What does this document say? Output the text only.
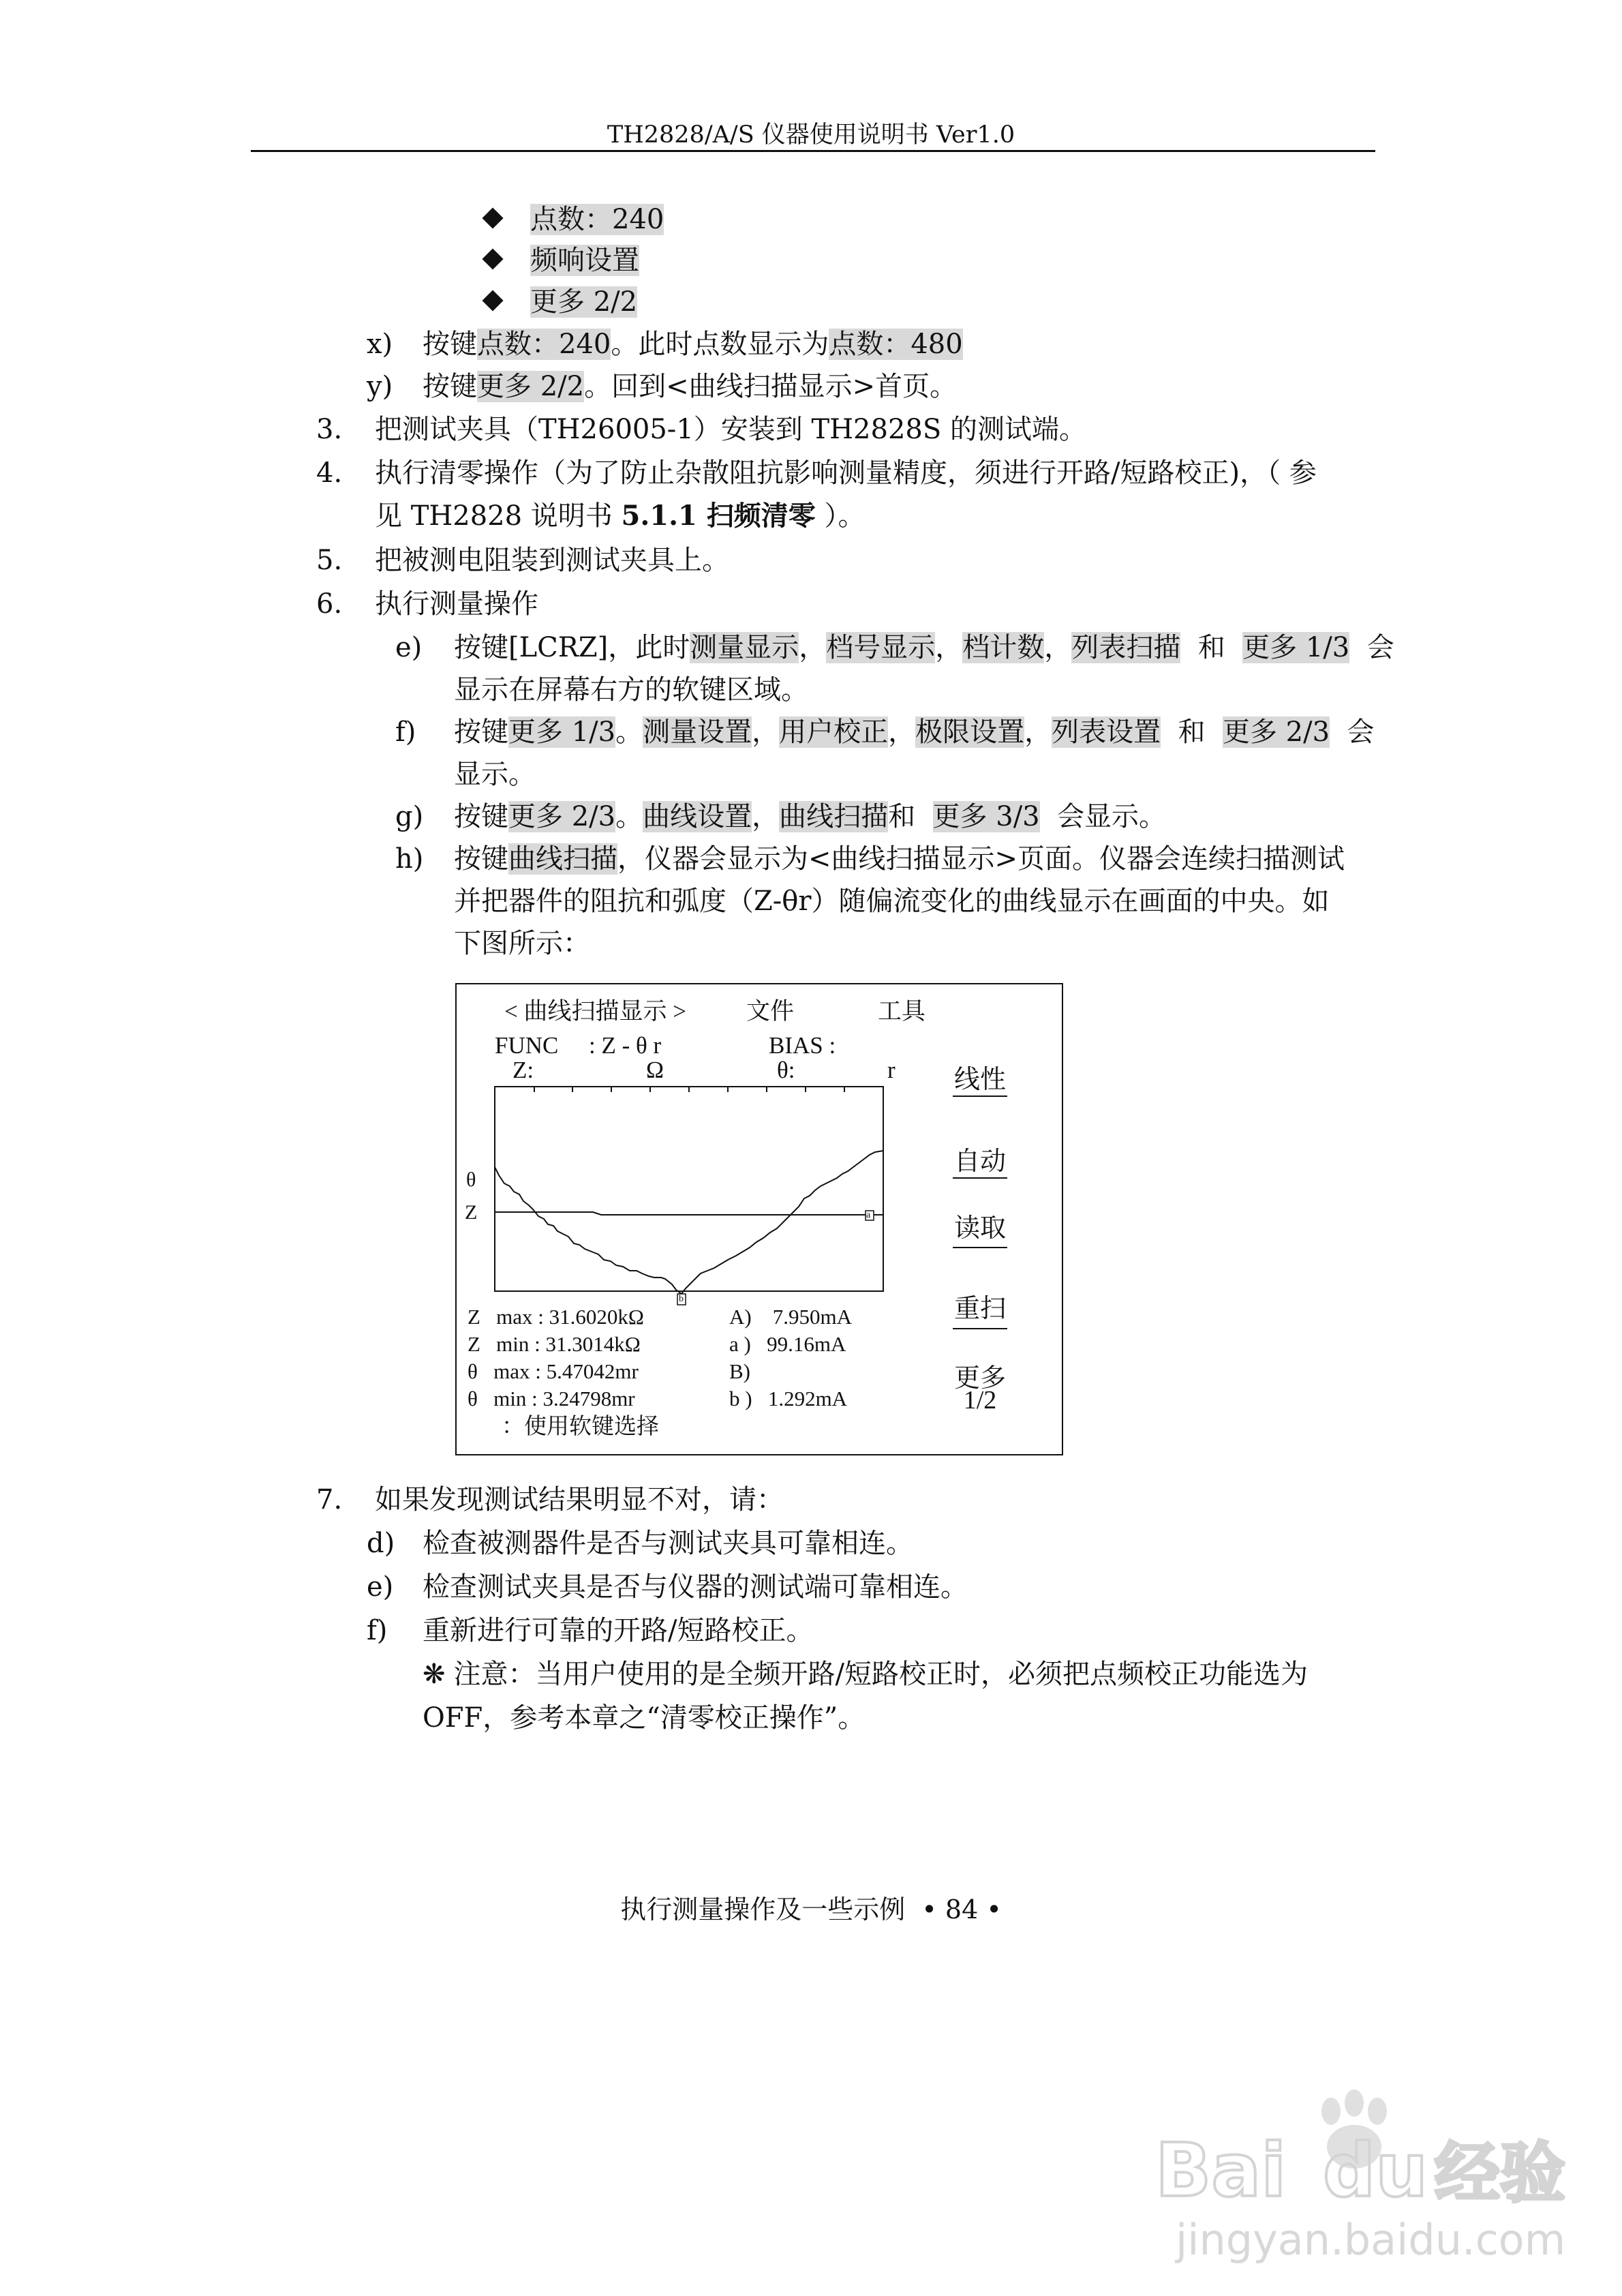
TH2828/A/S 仪器使用说明书 Ver1.0
点数：240
频响设置
更多 2/2
x) 按键点数：240。此时点数显示为点数：480
y) 按键更多 2/2。回到<曲线扫描显示>首页。
3. 把测试夹具（TH26005-1）安装到 TH2828S 的测试端。
4. 执行清零操作（为了防止杂散阻抗影响测量精度，须进行开路/短路校正)，（ 参
见 TH2828 说明书 5.1.1 扫频清零 ）。
5. 把被测电阻装到测试夹具上。
6. 执行测量操作
e) 按键[LCRZ]，此时测量显示，档号显示，档计数，列表扫描 和 更多 1/3 会
显示在屏幕右方的软键区域。
f) 按键更多 1/3。测量设置，用户校正，极限设置，列表设置 和 更多 2/3 会
显示。
g) 按键更多 2/3。曲线设置，曲线扫描和 更多 3/3 会显示。
h) 按键曲线扫描，仪器会显示为<曲线扫描显示>页面。仪器会连续扫描测试
并把器件的阻抗和弧度（Z-θr）随偏流变化的曲线显示在画面的中央。如
下图所示：
< 曲线扫描显示 >	文件	工具
FUNC : Z - θ r	BIAS :
Z:	Ω	θ:	r
θ
Z	a
b
Z   max : 31.6020kΩ	A)    7.950mA
Z   min : 31.3014kΩ	a )   99.16mA
θ   max : 5.47042mr	B)
θ   min : 3.24798mr	b )   1.292mA
：使用软键选择
线性
自动
读取
重扫
更多
1/2
7. 如果发现测试结果明显不对，请：
d) 检查被测器件是否与测试夹具可靠相连。
e) 检查测试夹具是否与仪器的测试端可靠相连。
f) 重新进行可靠的开路/短路校正。
❋ 注意：当用户使用的是全频开路/短路校正时，必须把点频校正功能选为
OFF，参考本章之“清零校正操作”。
执行测量操作及一些示例 • 84 •
Bai du 经验
jingyan.baidu.com
